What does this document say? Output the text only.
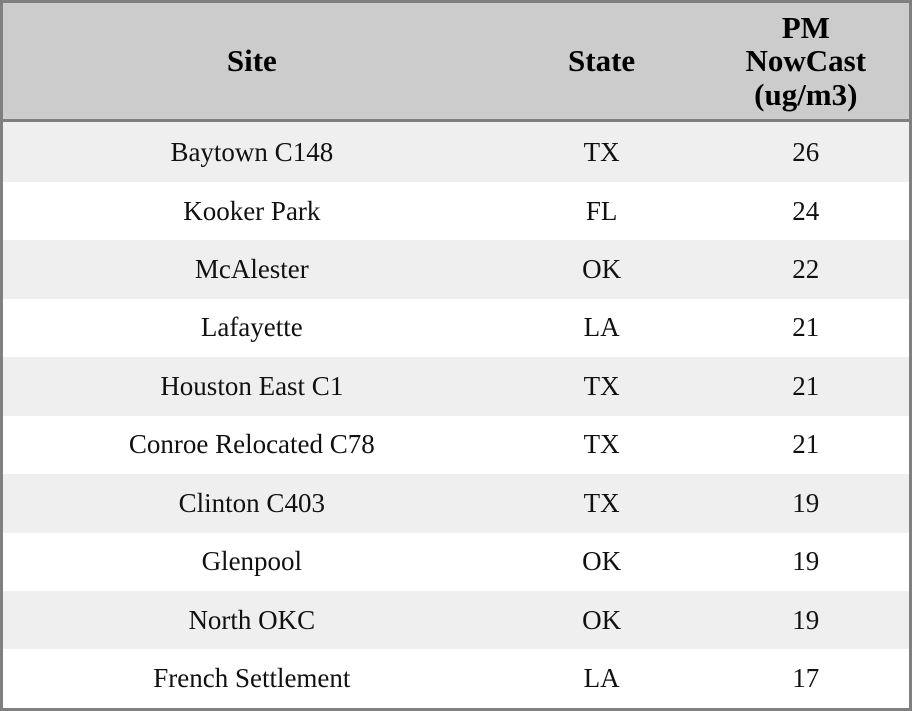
Site	State	PM
NowCast
(ug/m3)

Baytown C148	TX	26
Kooker Park	FL	24
McAlester	OK	22
Lafayette	LA	21
Houston East C1	TX	21
Conroe Relocated C78	TX	21
Clinton C403	TX	19
Glenpool	OK	19
North OKC	OK	19
French Settlement	LA	17
